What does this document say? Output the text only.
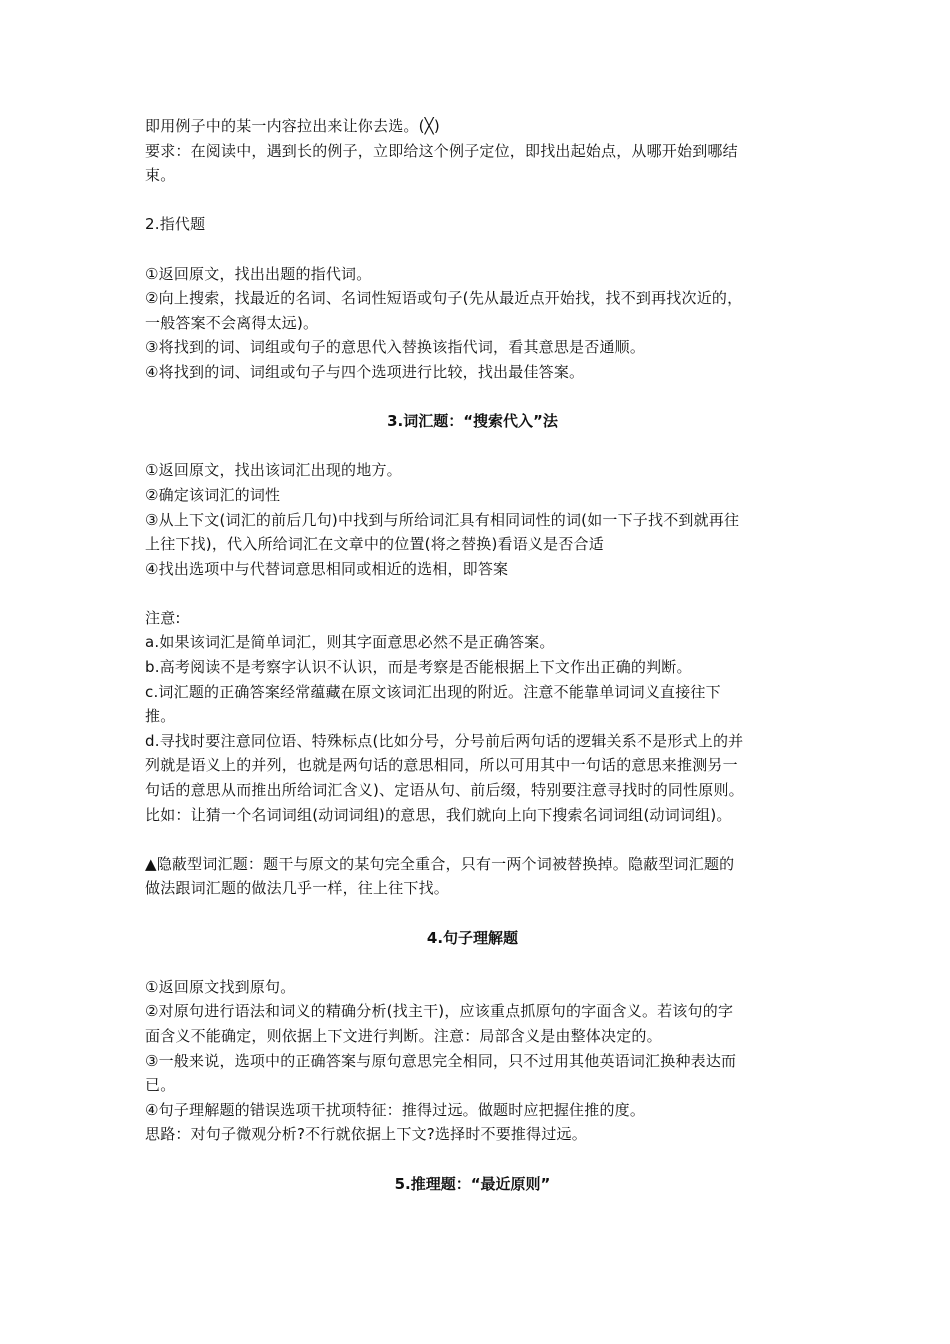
即用例子中的某一内容拉出来让你去选。(╳)
要求：在阅读中，遇到长的例子，立即给这个例子定位，即找出起始点，从哪开始到哪结
束。
2.指代题
①返回原文，找出出题的指代词。
②向上搜索，找最近的名词、名词性短语或句子(先从最近点开始找，找不到再找次近的，
一般答案不会离得太远)。
③将找到的词、词组或句子的意思代入替换该指代词，看其意思是否通顺。
④将找到的词、词组或句子与四个选项进行比较，找出最佳答案。
3.词汇题：“搜索代入”法
①返回原文，找出该词汇出现的地方。
②确定该词汇的词性
③从上下文(词汇的前后几句)中找到与所给词汇具有相同词性的词(如一下子找不到就再往
上往下找)，代入所给词汇在文章中的位置(将之替换)看语义是否合适
④找出选项中与代替词意思相同或相近的选相，即答案
注意:
a.如果该词汇是简单词汇，则其字面意思必然不是正确答案。
b.高考阅读不是考察字认识不认识，而是考察是否能根据上下文作出正确的判断。
c.词汇题的正确答案经常蕴藏在原文该词汇出现的附近。注意不能靠单词词义直接往下
推。
d.寻找时要注意同位语、特殊标点(比如分号，分号前后两句话的逻辑关系不是形式上的并
列就是语义上的并列，也就是两句话的意思相同，所以可用其中一句话的意思来推测另一
句话的意思从而推出所给词汇含义)、定语从句、前后缀，特别要注意寻找时的同性原则。
比如：让猜一个名词词组(动词词组)的意思，我们就向上向下搜索名词词组(动词词组)。
▲隐蔽型词汇题：题干与原文的某句完全重合，只有一两个词被替换掉。隐蔽型词汇题的
做法跟词汇题的做法几乎一样，往上往下找。
4.句子理解题
①返回原文找到原句。
②对原句进行语法和词义的精确分析(找主干)，应该重点抓原句的字面含义。若该句的字
面含义不能确定，则依据上下文进行判断。注意：局部含义是由整体决定的。
③一般来说，选项中的正确答案与原句意思完全相同，只不过用其他英语词汇换种表达而
已。
④句子理解题的错误选项干扰项特征：推得过远。做题时应把握住推的度。
思路：对句子微观分析?不行就依据上下文?选择时不要推得过远。
5.推理题：“最近原则”
